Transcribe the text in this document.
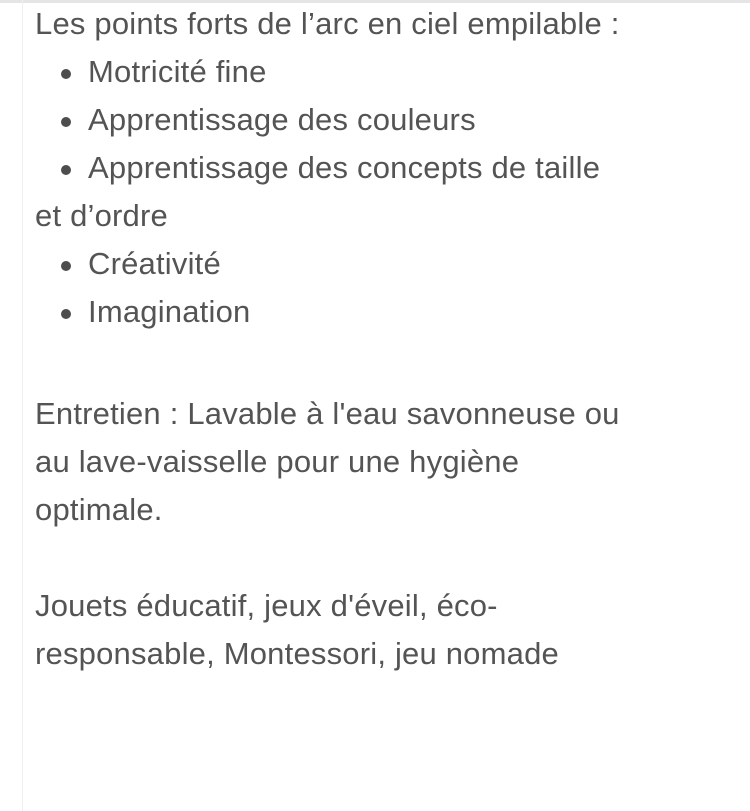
Les points forts de l’arc en ciel empilable :

Motricité fine
Apprentissage des couleurs
Apprentissage des concepts de taille
et d’ordre
Créativité
Imagination

Entretien : Lavable à l'eau savonneuse ou
au lave-vaisselle pour une hygiène
optimale.

Jouets éducatif, jeux d'éveil, éco-
responsable, Montessori, jeu nomade
